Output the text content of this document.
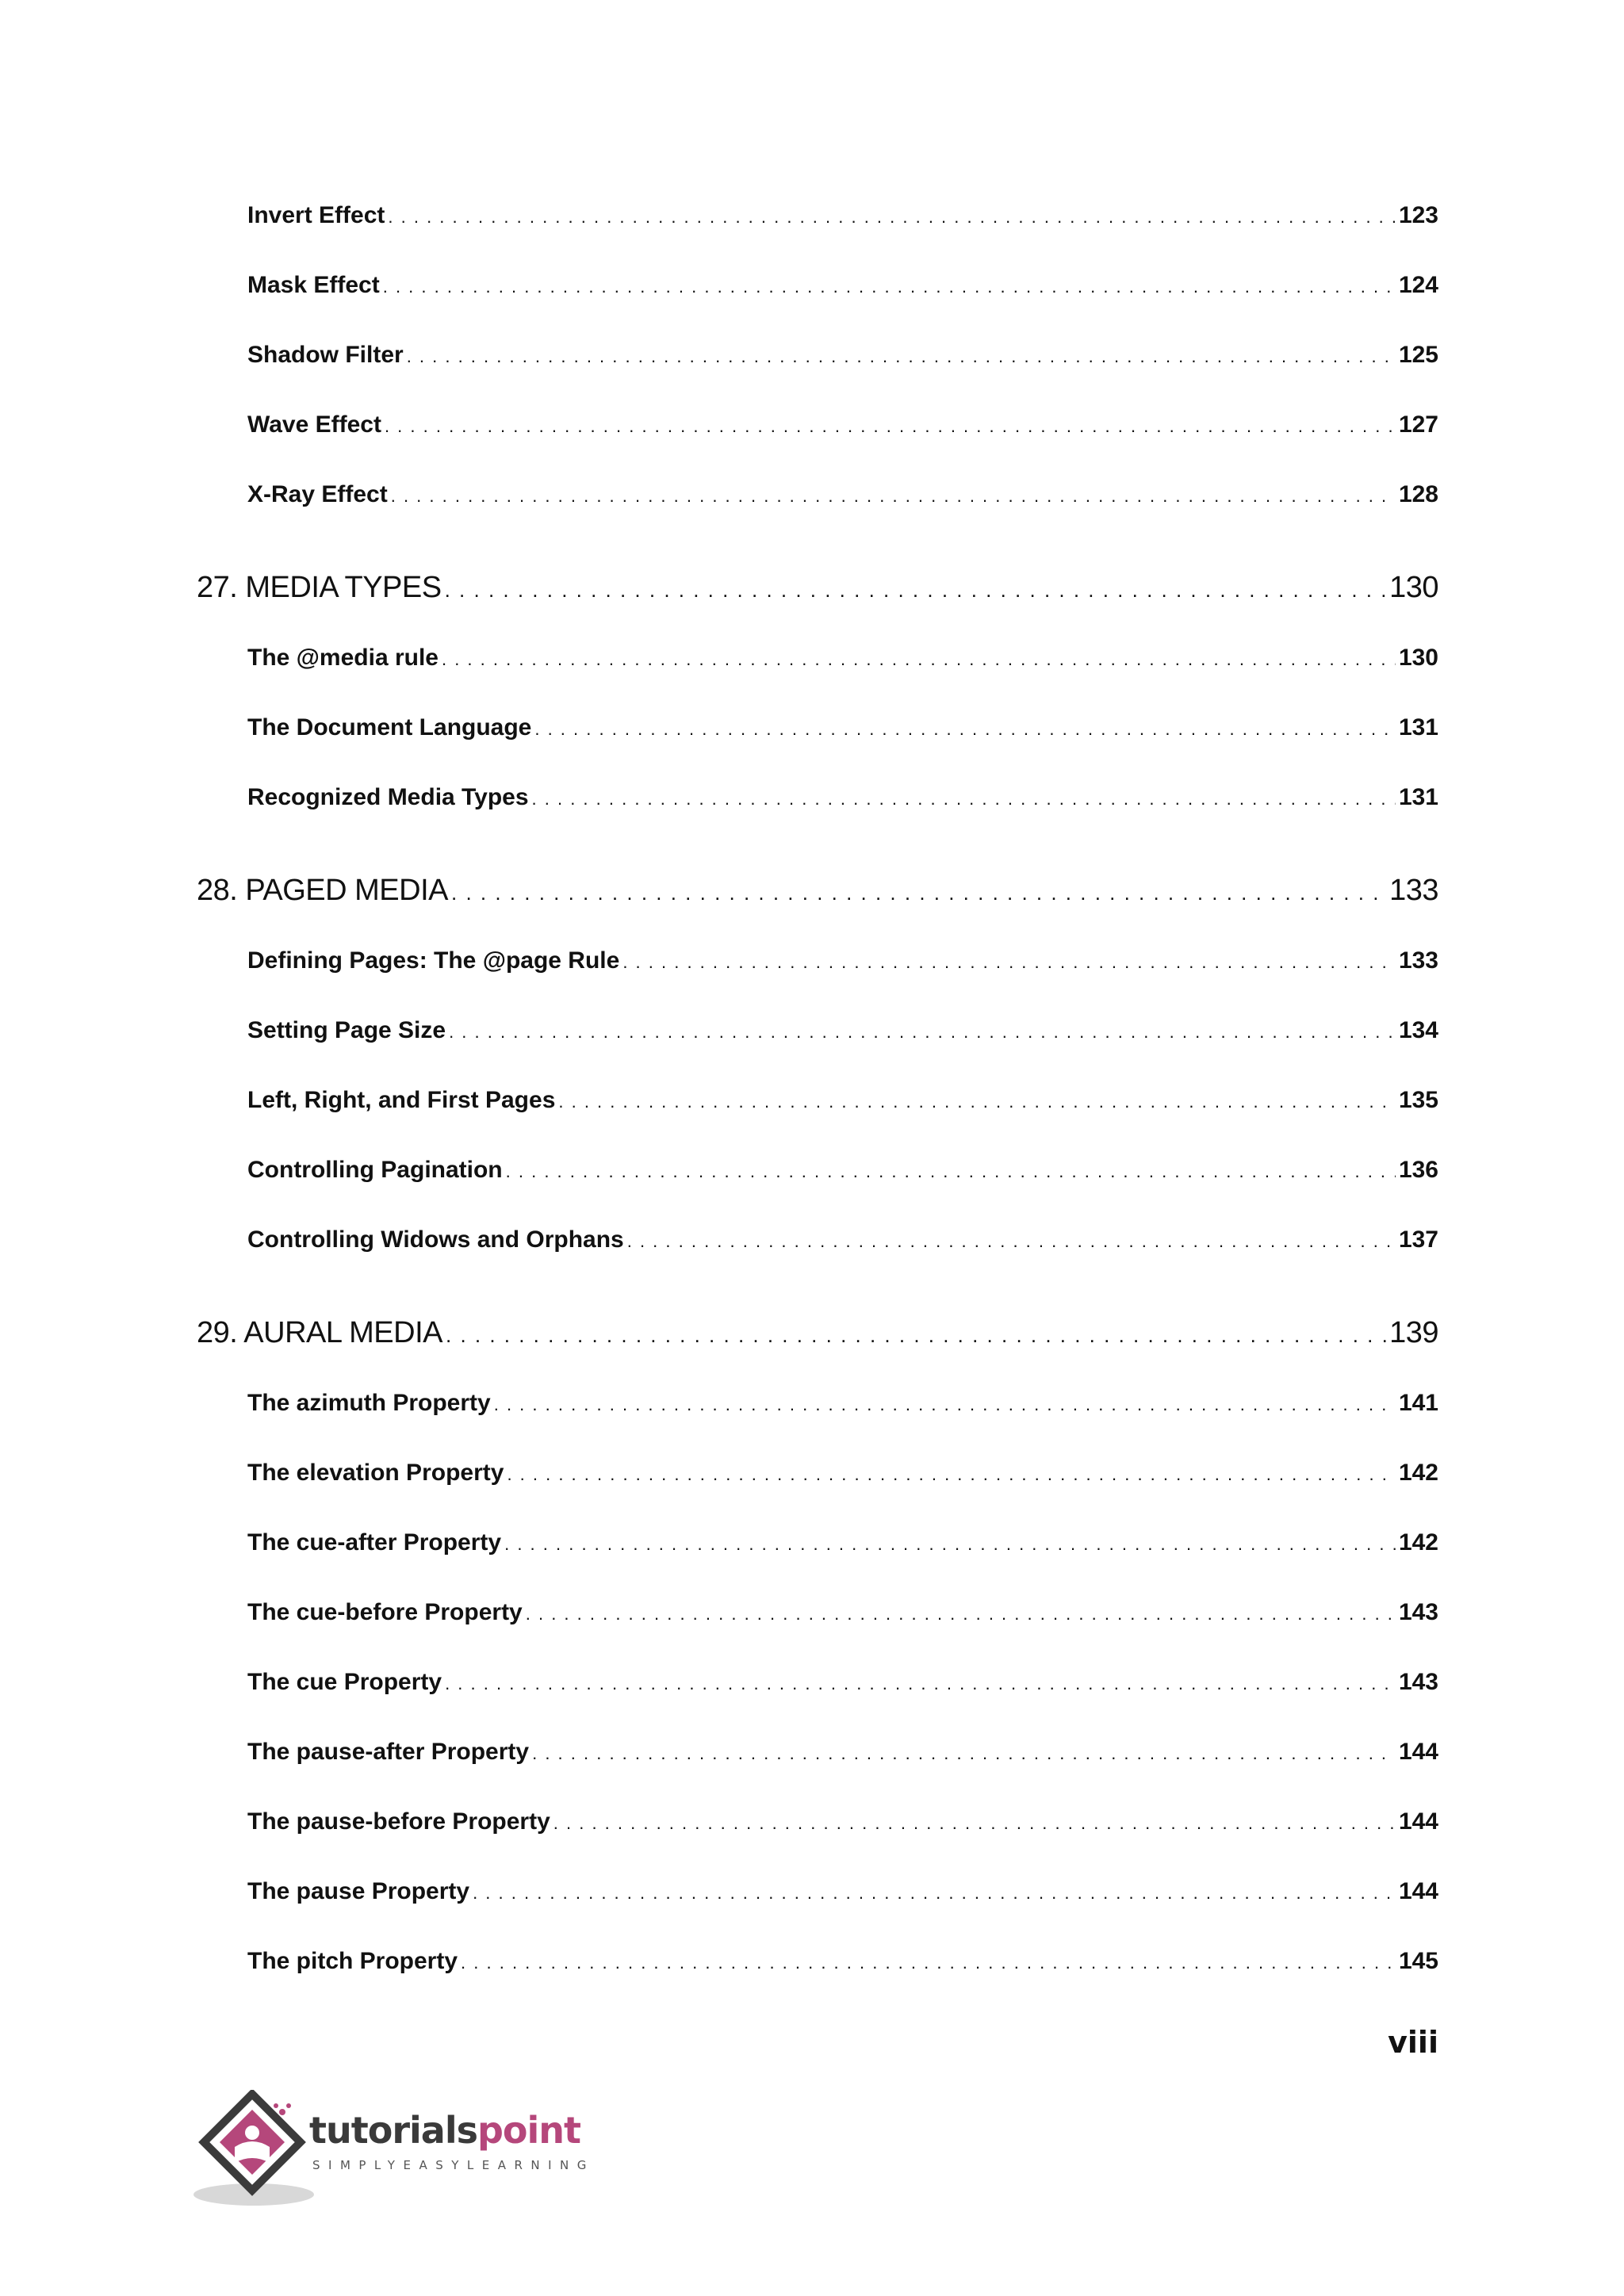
Invert Effect . . .	123
Mask Effect . . .	124
Shadow Filter . . .	125
Wave Effect . . .	127
X-Ray Effect . . .	128
27. MEDIA TYPES . . .	130
The @media rule . . .	130
The Document Language . . .	131
Recognized Media Types . . .	131
28. PAGED MEDIA . . .	133
Defining Pages: The @page Rule . . .	133
Setting Page Size . . .	134
Left, Right, and First Pages . . .	135
Controlling Pagination . . .	136
Controlling Widows and Orphans . . .	137
29. AURAL MEDIA . . .	139
The azimuth Property . . .	141
The elevation Property . . .	142
The cue-after Property . . .	142
The cue-before Property . . .	143
The cue Property . . .	143
The pause-after Property . . .	144
The pause-before Property . . .	144
The pause Property . . .	144
The pitch Property . . .	145
viii
tutorialspoint
SIMPLYEASYLEARNING
